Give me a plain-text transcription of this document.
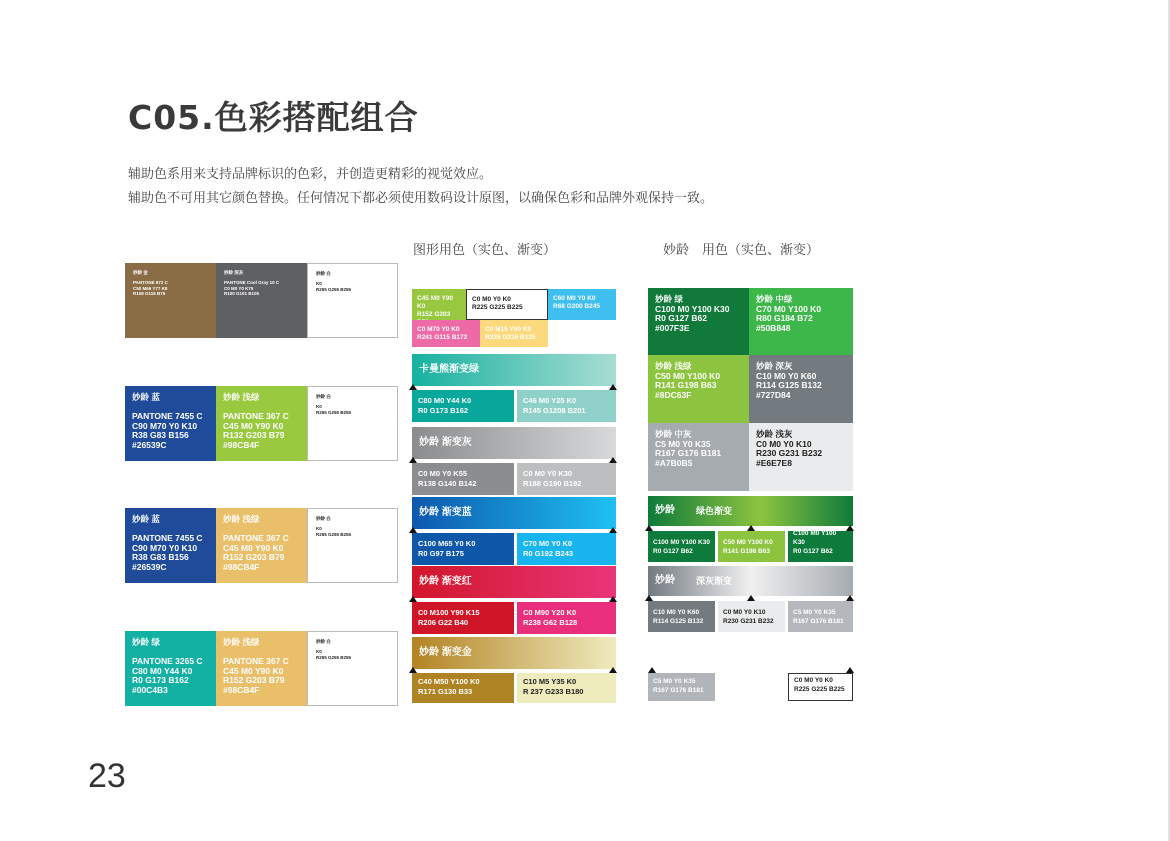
C05.色彩搭配组合
辅助色系用来支持品牌标识的色彩，并创造更精彩的视觉效应。
辅助色不可用其它颜色替换。任何情况下都必须使用数码设计原图，以确保色彩和品牌外观保持一致。
图形用色（实色、渐变）	妙龄　用色（实色、渐变）
妙龄 金

PANTONE 872 C
C50 M66 Y77 K8
R108 G115 B75
妙龄 深灰

PANTONE Cool Gray 10 C
C0 M0 Y0 K75
R100 G101 B105
妙龄 白

K0
R255 G255 B255
妙龄 蓝

PANTONE 7455 C
C90 M70 Y0 K10
R38 G83 B156
#26539C
妙龄 浅绿

PANTONE 367 C
C45 M0 Y90 K0
R132 G203 B79
#98CB4F
妙龄 白

K0
R255 G255 B255
妙龄 蓝

PANTONE 7455 C
C90 M70 Y0 K10
R38 G83 B156
#26539C
妙龄 浅绿

PANTONE 367 C
C45 M0 Y90 K0
R152 G203 B79
#98CB4F
妙龄 白

K0
R255 G255 B255
妙龄 绿

PANTONE 3265 C
C80 M0 Y44 K0
R0 G173 B162
#00C4B3
妙龄 浅绿

PANTONE 367 C
C45 M0 Y90 K0
R152 G203 B79
#98CB4F
妙龄 白

K0
R255 G255 B255
C45 M0 Y90 K0
R152 G203
C0 M0 Y0 K0
R225 G225 B225
C60 M0 Y0 K0
R68 G200 B245
C0 M70 Y0 K0
R241 G115 B172
C0 M15 Y60 K0
R225 G216 B125
卡曼熊渐变绿
C80 M0 Y44 K0
R0 G173 B162
C46 M0 Y25 K0
R145 G1208 B201
妙龄 渐变灰
C0 M0 Y0 K55
R138 G140 B142
C0 M0 Y0 K30
R188 G190 B192
妙龄 渐变蓝
C100 M65 Y0 K0
R0 G97 B175
C70 M0 Y0 K0
R0 G192 B243
妙龄 渐变红
C0 M100 Y90 K15
R206 G22 B40
C0 M90 Y20 K0
R238 G62 B128
妙龄 渐变金
C40 M50 Y100 K0
R171 G130 B33
C10 M5 Y35 K0
R 237 G233 B180
妙龄 绿
C100 M0 Y100 K30
R0 G127 B62
#007F3E
妙龄 中绿
C70 M0 Y100 K0
R80 G184 B72
#50B848
妙龄 浅绿
C50 M0 Y100 K0
R141 G198 B63
#8DC63F
妙龄 深灰
C10 M0 Y0 K60
R114 G125 B132
#727D84
妙龄 中灰
C5 M0 Y0 K35
R167 G176 B181
#A7B0B5
妙龄 浅灰
C0 M0 Y0 K10
R230 G231 B232
#E6E7E8
妙龄	绿色渐变
C100 M0 Y100 K30
R0 G127 B62
C50 M0 Y100 K0
R141 G198 B63
C100 M0 Y100 K30
R0 G127 B62
妙龄	深灰渐变
C10 M0 Y0 K60
R114 G125 B132
C0 M0 Y0 K10
R230 G231 B232
C5 M0 Y0 K35
R167 G176 B181
C5 M0 Y0 K35
R167 G176 B181
C0 M0 Y0 K0
R225 G225 B225
23
